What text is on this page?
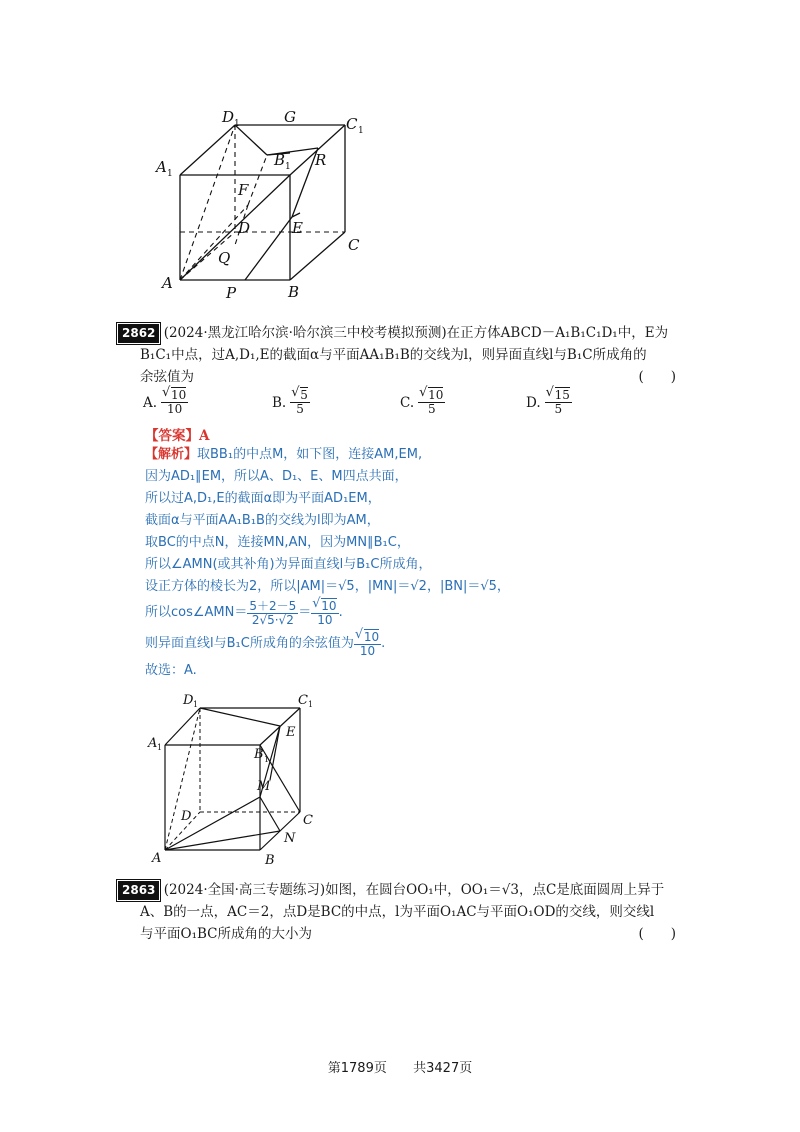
D 1	G	C 1
A 1
B 1 R
F
D	E
C
Q
A
P	B
2862 (2024·黑龙江哈尔滨·哈尔滨三中校考模拟预测)在正方体ABCD－A₁B₁C₁D₁中，E为
B₁C₁中点，过A,D₁,E的截面α与平面AA₁B₁B的交线为l，则异面直线l与B₁C所成角的
余弦值为	(　　)
A. √ $\frac{10}{10}$	B. √ $\frac{5}{5}$	C. √ $\frac{10}{5}$	D. √ $\frac{15}{5}$
【答案】A
【解析】取BB₁的中点M，如下图，连接AM,EM,
因为AD₁∥EM，所以A、D₁、E、M四点共面，
所以过A,D₁,E的截面α即为平面AD₁EM，
截面α与平面AA₁B₁B的交线为l即为AM，
取BC的中点N，连接MN,AN，因为MN∥B₁C，
所以∠AMN(或其补角)为异面直线l与B₁C所成角，
设正方体的棱长为2，所以|AM|＝√5，|MN|＝√2，|BN|＝√5，
所以cos∠AMN＝ $\frac{5+2-5}{2√5\cdot√2}$ ＝ √ $\frac{10}{10}$ .
则异面直线l与B₁C所成角的余弦值为 √ $\frac{10}{10}$ .
故选：A.
D 1	C 1
A 1
E
B 1
M
D	C
N
A	B
2863 (2024·全国·高三专题练习)如图，在圆台OO₁中，OO₁＝√3，点C是底面圆周上异于
A、B的一点，AC＝2，点D是BC的中点，l为平面O₁AC与平面O₁OD的交线，则交线l
与平面O₁BC所成角的大小为	(　　)
第1789页 共3427页
